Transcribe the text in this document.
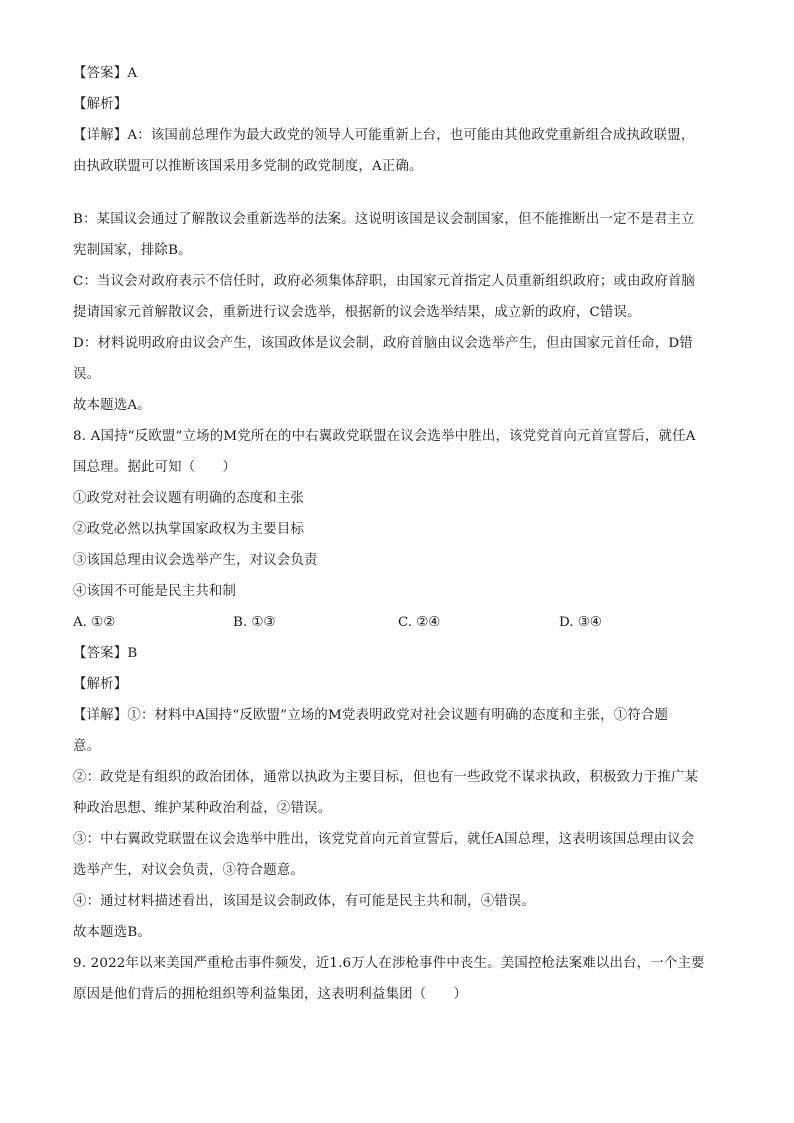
【答案】A
【解析】
【详解】A：该国前总理作为最大政党的领导人可能重新上台，也可能由其他政党重新组合成执政联盟，
由执政联盟可以推断该国采用多党制的政党制度，A正确。
B：某国议会通过了解散议会重新选举的法案。这说明该国是议会制国家，但不能推断出一定不是君主立
宪制国家，排除B。
C：当议会对政府表示不信任时，政府必须集体辞职，由国家元首指定人员重新组织政府；或由政府首脑
提请国家元首解散议会，重新进行议会选举，根据新的议会选举结果，成立新的政府，C错误。
D：材料说明政府由议会产生，该国政体是议会制，政府首脑由议会选举产生，但由国家元首任命，D错
误。
故本题选A。
8. A国持“反欧盟”立场的M党所在的中右翼政党联盟在议会选举中胜出，该党党首向元首宣誓后，就任A
国总理。据此可知（　　）
①政党对社会议题有明确的态度和主张
②政党必然以执掌国家政权为主要目标
③该国总理由议会选举产生，对议会负责
④该国不可能是民主共和制
A. ①②	B. ①③	C. ②④	D. ③④
【答案】B
【解析】
【详解】①：材料中A国持“反欧盟”立场的M党表明政党对社会议题有明确的态度和主张，①符合题
意。
②：政党是有组织的政治团体，通常以执政为主要目标，但也有一些政党不谋求执政，积极致力于推广某
种政治思想、维护某种政治利益，②错误。
③：中右翼政党联盟在议会选举中胜出，该党党首向元首宣誓后，就任A国总理，这表明该国总理由议会
选举产生，对议会负责，③符合题意。
④：通过材料描述看出，该国是议会制政体，有可能是民主共和制，④错误。
故本题选B。
9. 2022年以来美国严重枪击事件频发，近1.6万人在涉枪事件中丧生。美国控枪法案难以出台，一个主要
原因是他们背后的拥枪组织等利益集团，这表明利益集团（　　）
